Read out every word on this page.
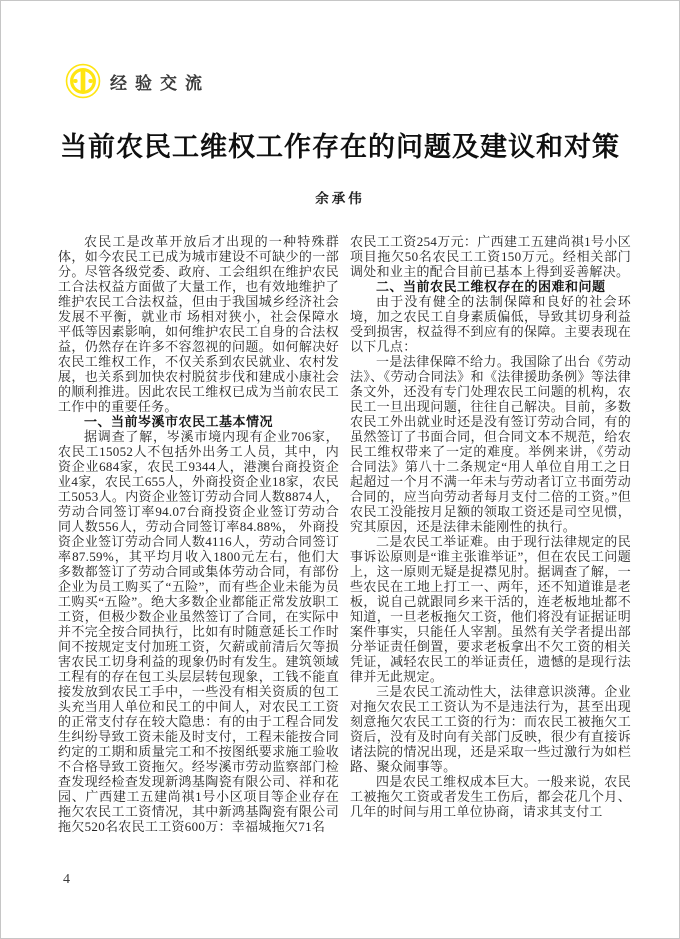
经验交流
当前农民工维权工作存在的问题及建议和对策
余承伟

农民工是改革开放后才出现的一种特殊群体，如今农民工已成为城市建设不可缺少的一部分。尽管各级党委、政府、工会组织在维护农民工合法权益方面做了大量工作，也有效地维护了维护农民工合法权益，但由于我国城乡经济社会发展不平衡，就业市 场相对狭小，社会保障水平低等因素影响，如何维护农民工自身的合法权益，仍然存在许多不容忽视的问题。如何解决好农民工维权工作，不仅关系到农民就业、农村发展，也关系到加快农村脱贫步伐和建成小康社会的顺利推进。因此农民工维权已成为当前农民工工作中的重要任务。

一、当前岑溪市农民工基本情况

据调查了解，岑溪市境内现有企业706家，农民工15052人不包括外出务工人员，其中，内资企业684家，农民工9344人，港澳台商投资企业4家，农民工655人，外商投资企业18家，农民工5053人。内资企业签订劳动合同人数8874人，劳动合同签订率94.07台商投资企业签订劳动合同人数556人，劳动合同签订率84.88%， 外商投资企业签订劳动合同人数4116人，劳动合同签订率87.59%，其平均月收入1800元左右，他们大多数都签订了劳动合同或集体劳动合同，有部份企业为员工购买了“五险”，而有些企业未能为员工购买“五险”。绝大多数企业都能正常发放职工工资，但极少数企业虽然签订了合同，在实际中并不完全按合同执行，比如有时随意延长工作时间不按规定支付加班工资，欠薪或前清后欠等损害农民工切身利益的现象仍时有发生。建筑领域工程有的存在包工头层层转包现象，工钱不能直接发放到农民工手中，一些没有相关资质的包工头充当用人单位和民工的中间人，对农民工工资的正常支付存在较大隐患：有的由于工程合同发生纠纷导致工资未能及时支付，工程未能按合同约定的工期和质量完工和不按图纸要求施工验收不合格导致工资拖欠。经岑溪市劳动监察部门检查发现经检查发现新鸿基陶瓷有限公司、祥和花园、广西建工五建尚祺1号小区项目等企业存在拖欠农民工工资情况，其中新鸿基陶瓷有限公司拖欠520名农民工工资600万：幸福城拖欠71名

农民工工资254万元：广西建工五建尚祺1号小区项目拖欠50名农民工工资150万元。经相关部门调处和业主的配合目前已基本上得到妥善解决。

二、当前农民工维权存在的困难和问题

由于没有健全的法制保障和良好的社会环境，加之农民工自身素质偏低，导致其切身利益受到损害，权益得不到应有的保障。主要表现在以下几点：

一是法律保障不给力。我国除了出台《劳动法》、《劳动合同法》和《法律援助条例》等法律条文外，还没有专门处理农民工问题的机构，农民工一旦出现问题，往往自己解决。目前，多数农民工外出就业时还是没有签订劳动合同，有的虽然签订了书面合同，但合同文本不规范，给农民工维权带来了一定的难度。举例来讲，《劳动合同法》第八十二条规定“用人单位自用工之日起超过一个月不满一年未与劳动者订立书面劳动合同的，应当向劳动者每月支付二倍的工资。”但农民工没能按月足额的领取工资还是司空见惯，究其原因，还是法律未能刚性的执行。

二是农民工举证难。由于现行法律规定的民事诉讼原则是“谁主张谁举证”，但在农民工问题上，这一原则无疑是捉襟见肘。据调查了解，一些农民在工地上打工一、两年，还不知道谁是老板，说自己就跟同乡来干活的，连老板地址都不知道，一旦老板拖欠工资，他们将没有证据证明案件事实，只能任人宰割。虽然有关学者提出部分举证责任倒置，要求老板拿出不欠工资的相关凭证，减轻农民工的举证责任，遗憾的是现行法律并无此规定。

三是农民工流动性大，法律意识淡薄。企业对拖欠农民工工资认为不是违法行为，甚至出现刻意拖欠农民工工资的行为：而农民工被拖欠工资后，没有及时向有关部门反映，很少有直接诉诸法院的情况出现，还是采取一些过激行为如栏路、聚众闹事等。

四是农民工维权成本巨大。一般来说，农民工被拖欠工资或者发生工伤后，都会花几个月、几年的时间与用工单位协商，请求其支付工

4
